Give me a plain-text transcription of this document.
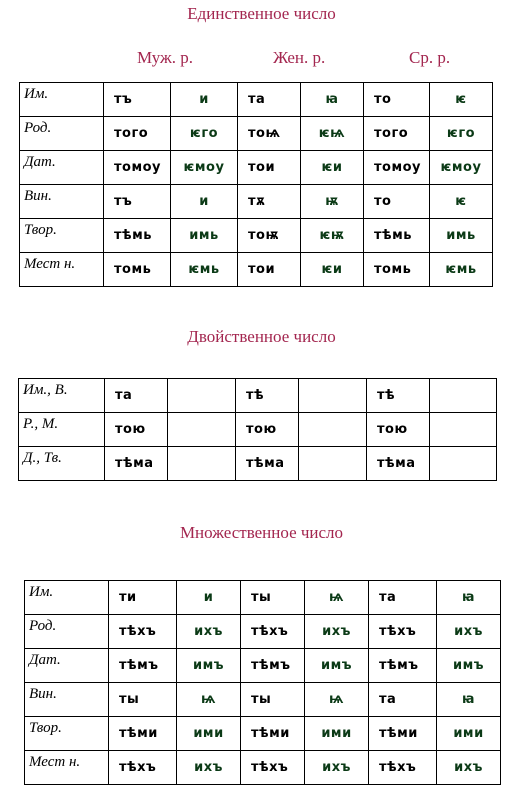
Единственное число
Муж. р.	Жен. р.	Ср. р.
Им.	тъ	и	та	ꙗ	то	ѥ
Род.	того	ѥго	тоѩ	ѥѩ	того	ѥго
Дат.	томоу	ѥмоу	тои	ѥи	томоу	ѥмоу
Вин.	тъ	и	тѫ	ѭ	то	ѥ
Твор.	тѣмь	имь	тоѭ	ѥѭ	тѣмь	имь
Мест н.	томь	ѥмь	тои	ѥи	томь	ѥмь
Двойственное число
Им., В.	та		тѣ		тѣ	
Р., М.	тою		тою		тою	
Д., Тв.	тѣма		тѣма		тѣма	
Множественное число
Им.	ти	и	ты	ѩ	та	ꙗ
Род.	тѣхъ	ихъ	тѣхъ	ихъ	тѣхъ	ихъ
Дат.	тѣмъ	имъ	тѣмъ	имъ	тѣмъ	имъ
Вин.	ты	ѩ	ты	ѩ	та	ꙗ
Твор.	тѣми	ими	тѣми	ими	тѣми	ими
Мест н.	тѣхъ	ихъ	тѣхъ	ихъ	тѣхъ	ихъ
